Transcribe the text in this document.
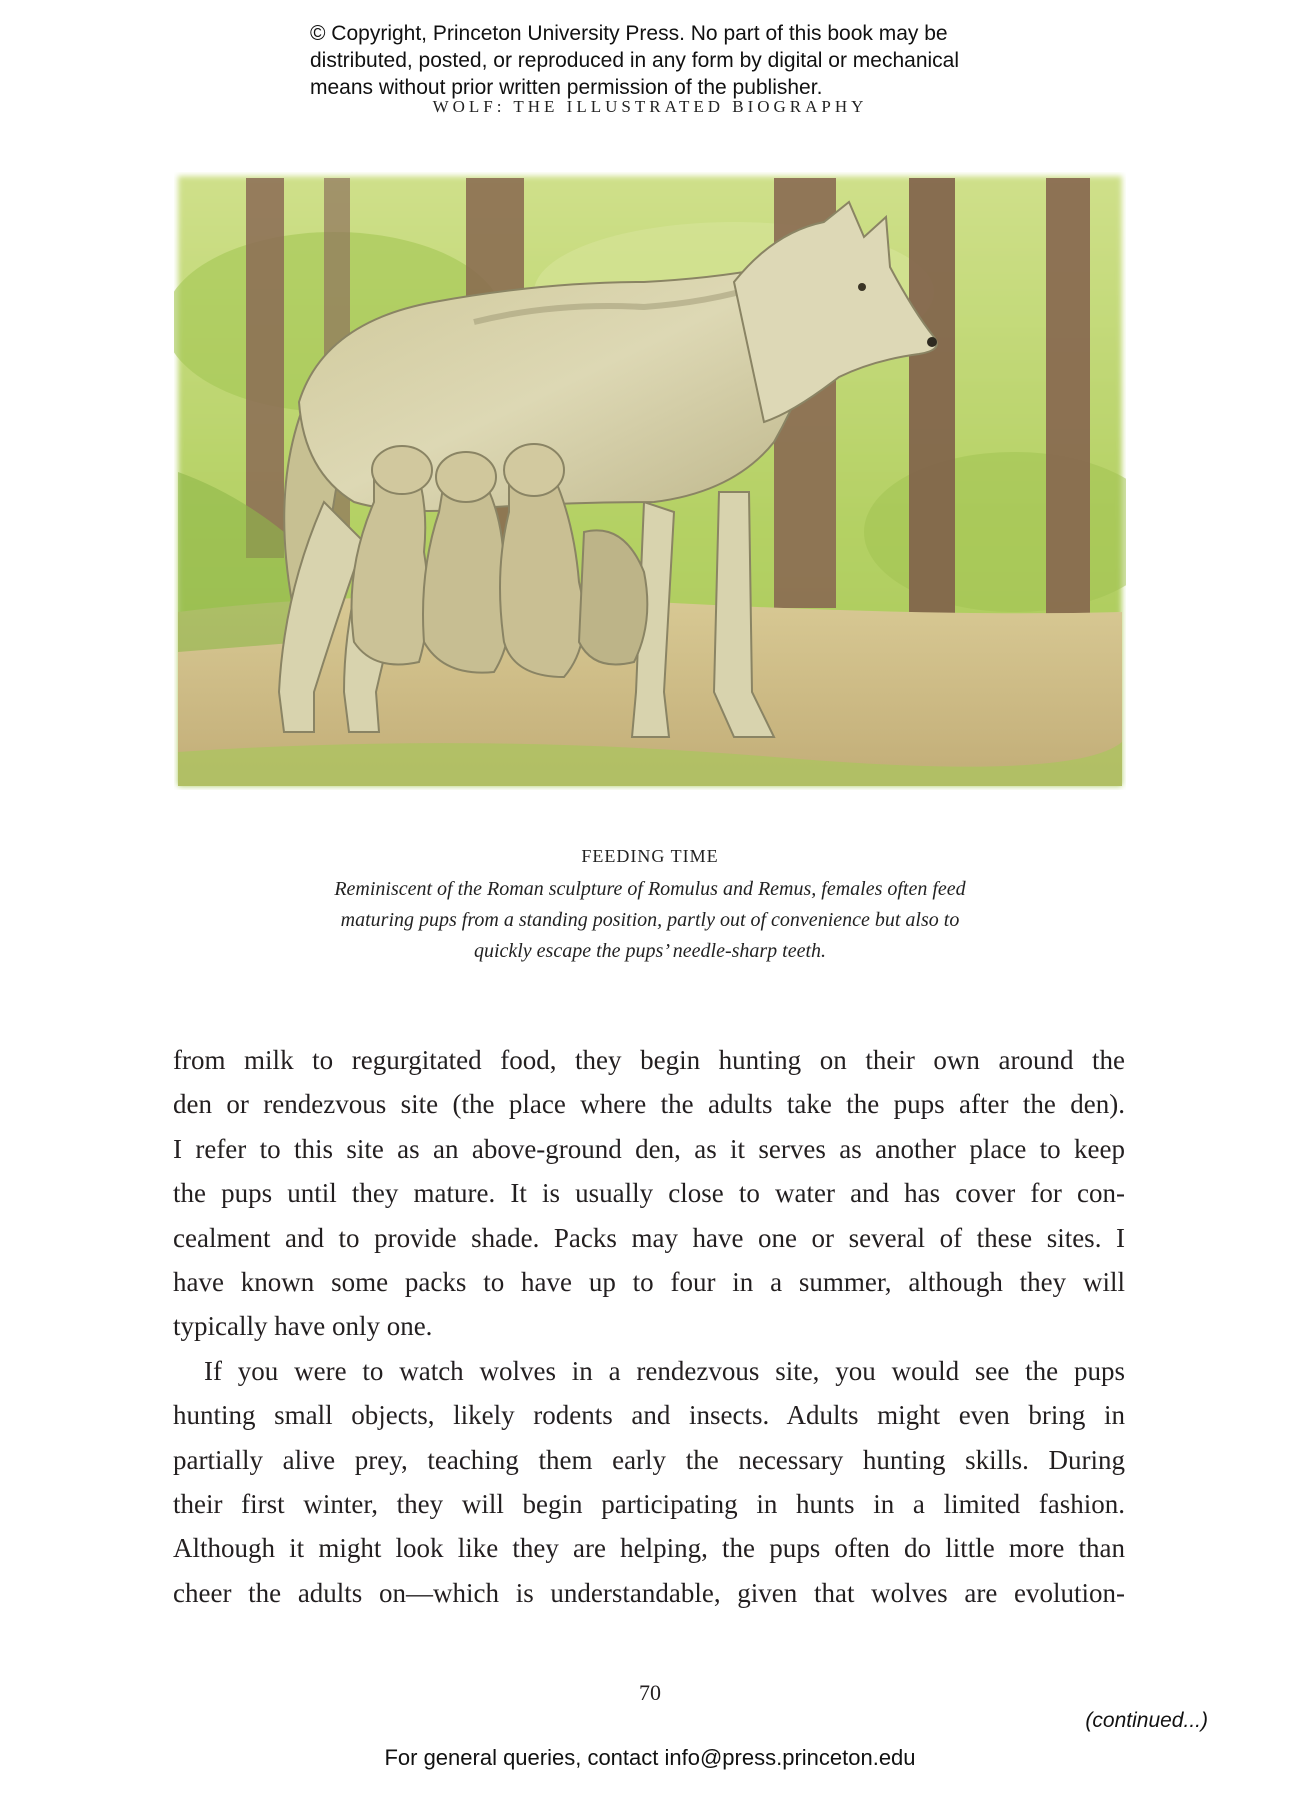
© Copyright, Princeton University Press. No part of this book may be
distributed, posted, or reproduced in any form by digital or mechanical
means without prior written permission of the publisher.
WOLF: THE ILLUSTRATED BIOGRAPHY
FEEDING TIME
Reminiscent of the Roman sculpture of Romulus and Remus, females often feed
maturing pups from a standing position, partly out of convenience but also to
quickly escape the pups’ needle-sharp teeth.
from milk to regurgitated food, they begin hunting on their own around the
den or rendezvous site (the place where the adults take the pups after the den).
I refer to this site as an above-ground den, as it serves as another place to keep
the pups until they mature. It is usually close to water and has cover for con-
cealment and to provide shade. Packs may have one or several of these sites. I
have known some packs to have up to four in a summer, although they will
typically have only one.
If you were to watch wolves in a rendezvous site, you would see the pups
hunting small objects, likely rodents and insects. Adults might even bring in
partially alive prey, teaching them early the necessary hunting skills. During
their first winter, they will begin participating in hunts in a limited fashion.
Although it might look like they are helping, the pups often do little more than
cheer the adults on—which is understandable, given that wolves are evolution-
70
(continued...)
For general queries, contact info@press.princeton.edu
